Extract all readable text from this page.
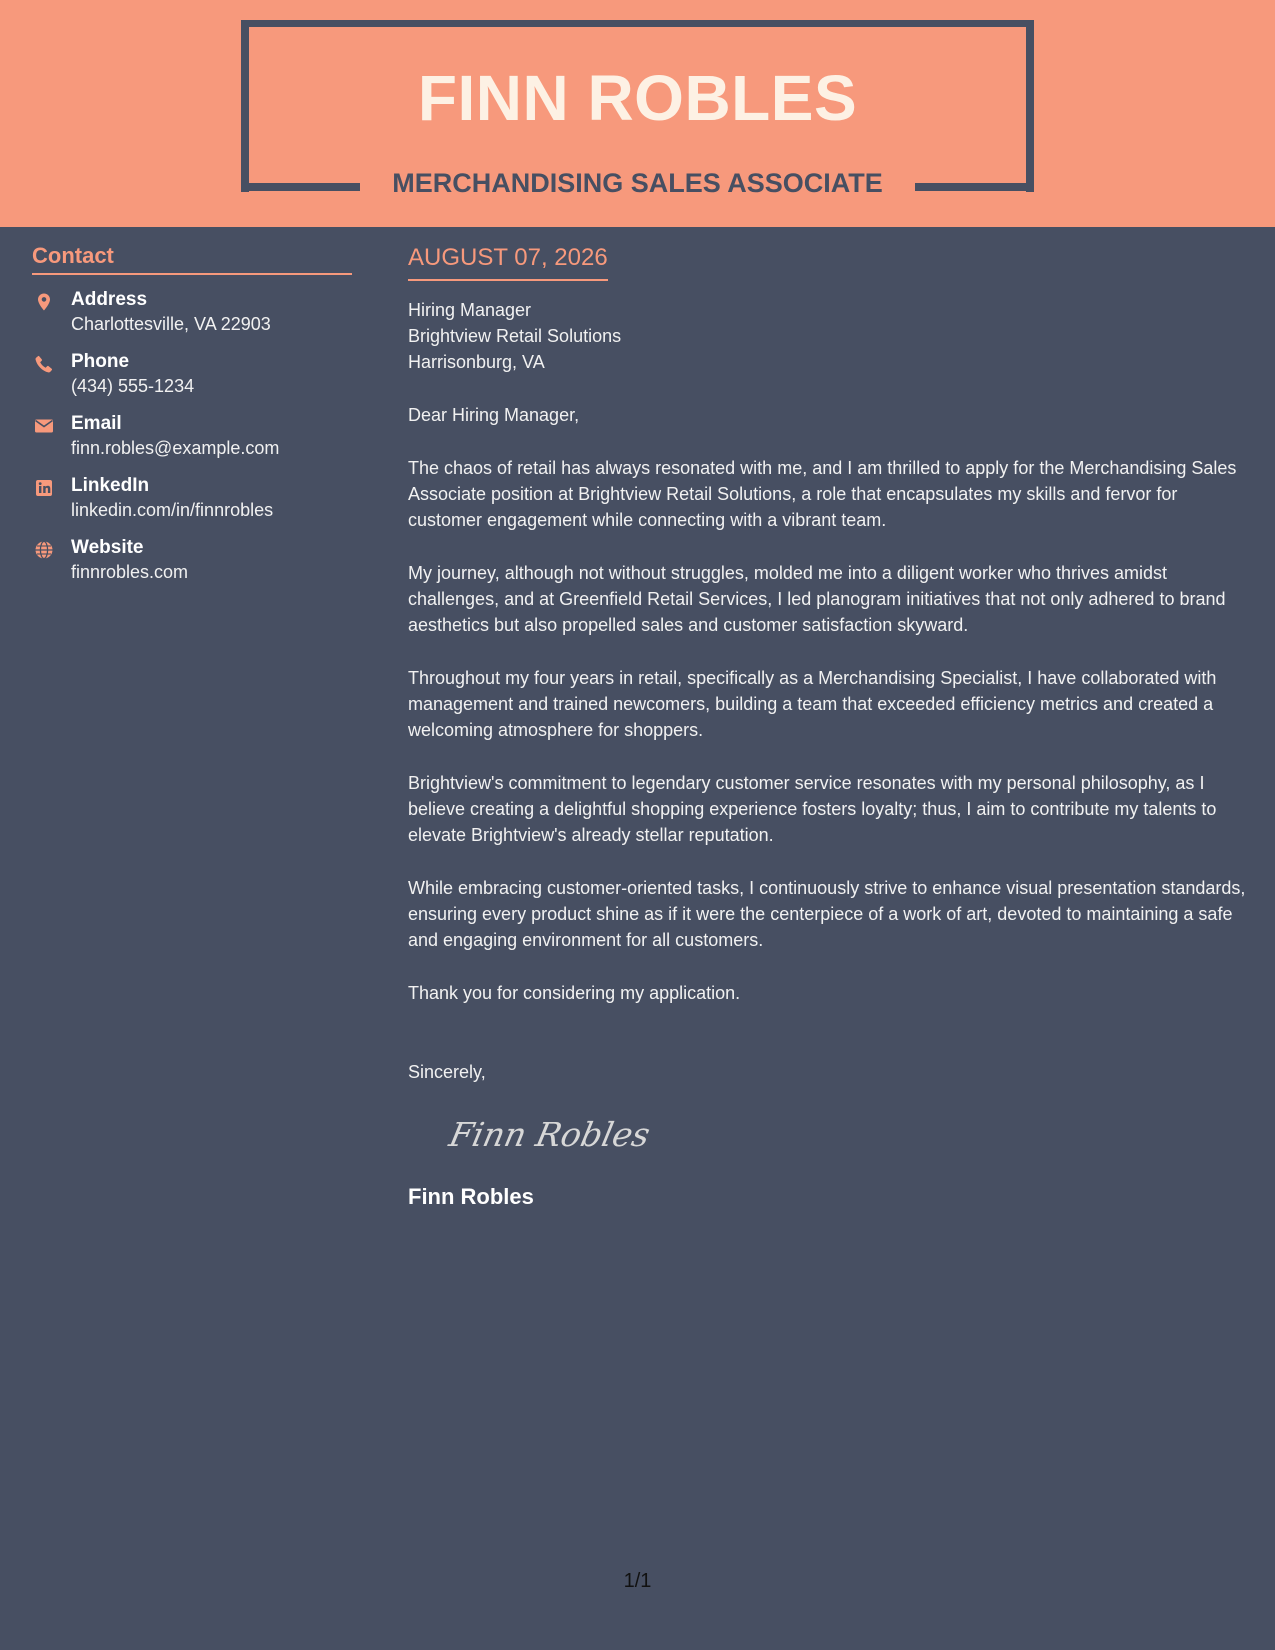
FINN ROBLES
MERCHANDISING SALES ASSOCIATE
Contact
Address
Charlottesville, VA 22903
Phone
(434) 555-1234
Email
finn.robles@example.com
LinkedIn
linkedin.com/in/finnrobles
Website
finnrobles.com
AUGUST 07, 2026
Hiring Manager
Brightview Retail Solutions
Harrisonburg, VA
Dear Hiring Manager,
The chaos of retail has always resonated with me, and I am thrilled to apply for the Merchandising Sales Associate position at Brightview Retail Solutions, a role that encapsulates my skills and fervor for customer engagement while connecting with a vibrant team.
My journey, although not without struggles, molded me into a diligent worker who thrives amidst challenges, and at Greenfield Retail Services, I led planogram initiatives that not only adhered to brand aesthetics but also propelled sales and customer satisfaction skyward.
Throughout my four years in retail, specifically as a Merchandising Specialist, I have collaborated with management and trained newcomers, building a team that exceeded efficiency metrics and created a welcoming atmosphere for shoppers.
Brightview's commitment to legendary customer service resonates with my personal philosophy, as I believe creating a delightful shopping experience fosters loyalty; thus, I aim to contribute my talents to elevate Brightview's already stellar reputation.
While embracing customer-oriented tasks, I continuously strive to enhance visual presentation standards, ensuring every product shine as if it were the centerpiece of a work of art, devoted to maintaining a safe and engaging environment for all customers.
Thank you for considering my application.
Sincerely,
Finn Robles
Finn Robles
1/1
